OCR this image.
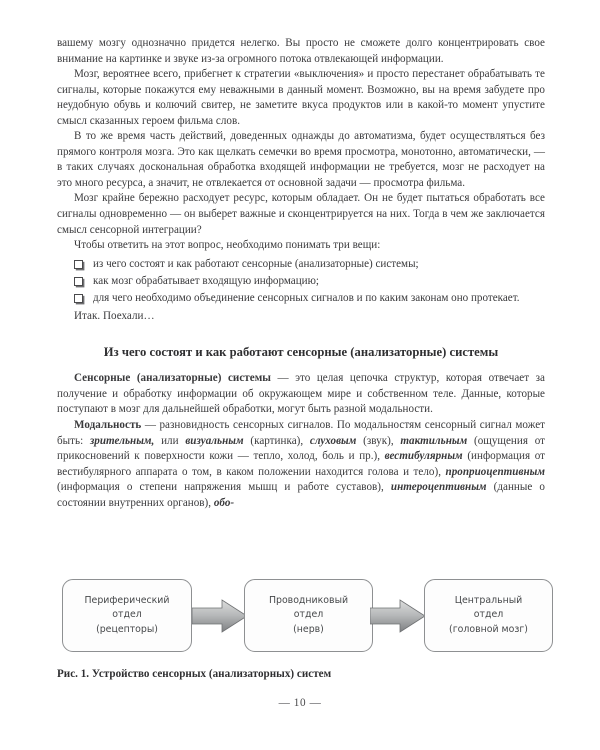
вашему мозгу однозначно придется нелегко. Вы просто не сможете долго концентрировать свое внимание на картинке и звуке из-за огромного потока отвлекающей информации.

Мозг, вероятнее всего, прибегнет к стратегии «выключения» и просто перестанет обрабатывать те сигналы, которые покажутся ему неважными в данный момент. Возможно, вы на время забудете про неудобную обувь и колючий свитер, не заметите вкуса продуктов или в какой-то момент упустите смысл сказанных героем фильма слов.

В то же время часть действий, доведенных однажды до автоматизма, будет осуществляться без прямого контроля мозга. Это как щелкать семечки во время просмотра, монотонно, автоматически, — в таких случаях доскональная обработка входящей информации не требуется, мозг не расходует на это много ресурса, а значит, не отвлекается от основной задачи — просмотра фильма.

Мозг крайне бережно расходует ресурс, которым обладает. Он не будет пытаться обработать все сигналы одновременно — он выберет важные и сконцентрируется на них. Тогда в чем же заключается смысл сенсорной интеграции?

Чтобы ответить на этот вопрос, необходимо понимать три вещи:

из чего состоят и как работают сенсорные (анализаторные) системы;
как мозг обрабатывает входящую информацию;
для чего необходимо объединение сенсорных сигналов и по каким законам оно протекает.

Итак. Поехали…

Из чего состоят и как работают сенсорные (анализаторные) системы

Сенсорные (анализаторные) системы — это целая цепочка структур, которая отвечает за получение и обработку информации об окружающем мире и собственном теле. Данные, которые поступают в мозг для дальнейшей обработки, могут быть разной модальности.

Модальность — разновидность сенсорных сигналов. По модальностям сенсорный сигнал может быть: зрительным, или визуальным (картинка), слуховым (звук), тактильным (ощущения от прикосновений к поверхности кожи — тепло, холод, боль и пр.), вестибулярным (информация от вестибулярного аппарата о том, в каком положении находится голова и тело), проприоцептивным (информация о степени напряжения мышц и работе суставов), интероцептивным (данные о состоянии внутренних органов), обо-

Периферический
отдел
(рецепторы)
Проводниковый
отдел
(нерв)
Центральный
отдел
(головной мозг)
Рис. 1. Устройство сенсорных (анализаторных) систем
— 10 —
